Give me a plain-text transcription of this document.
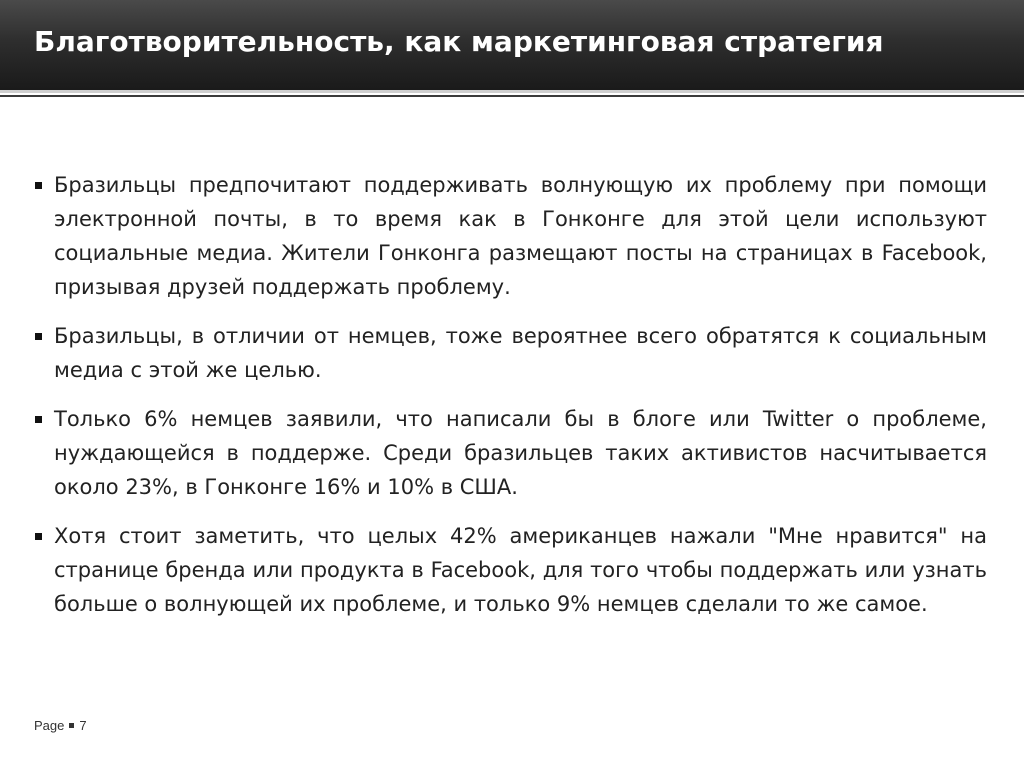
Благотворительность, как маркетинговая стратегия
Бразильцы предпочитают поддерживать волнующую их проблему при помощи электронной почты, в то время как в Гонконге для этой цели используют социальные медиа. Жители Гонконга размещают посты на страницах в Facebook, призывая друзей поддержать проблему.
Бразильцы, в отличии от немцев, тоже вероятнее всего обратятся к социальным медиа с этой же целью.
Только 6% немцев заявили, что написали бы в блоге или Twitter о проблеме, нуждающейся в поддерже. Среди бразильцев таких активистов насчитывается около 23%, в Гонконге 16% и 10% в США.
Хотя стоит заметить, что целых 42% американцев нажали "Мне нравится" на странице бренда или продукта в Facebook, для того чтобы поддержать или узнать больше о волнующей их проблеме, и только 9% немцев сделали то же самое.
Page 7
